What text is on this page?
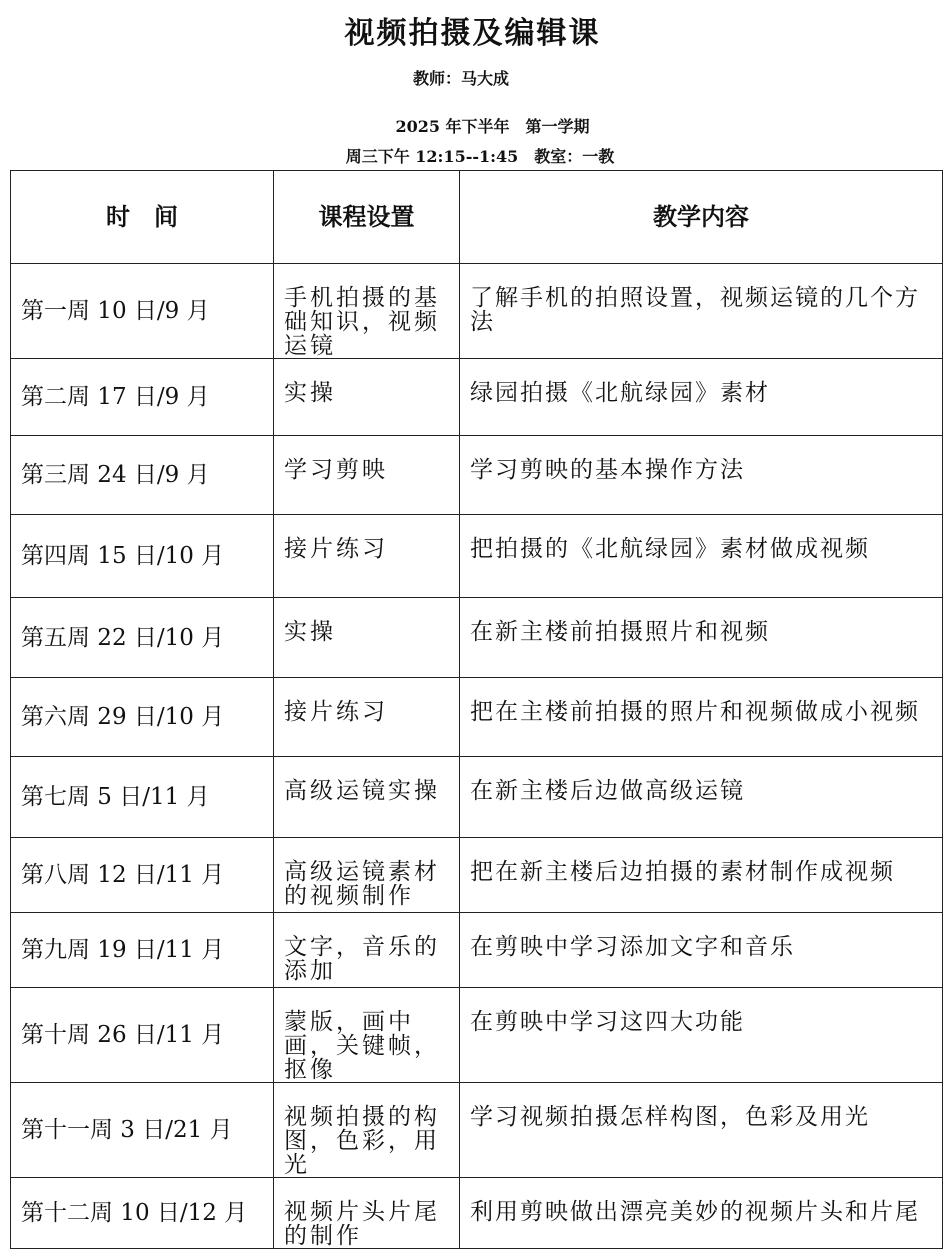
视频拍摄及编辑课
教师：马大成
2025 年下半年　第一学期
周三下午 12:15--1:45　教室：一教
时　间	课程设置	教学内容
第一周 10 日/9 月	手机拍摄的基础知识，视频运镜	了解手机的拍照设置，视频运镜的几个方法
第二周 17 日/9 月	实操	绿园拍摄《北航绿园》素材
第三周 24 日/9 月	学习剪映	学习剪映的基本操作方法
第四周 15 日/10 月	接片练习	把拍摄的《北航绿园》素材做成视频
第五周 22 日/10 月	实操	在新主楼前拍摄照片和视频
第六周 29 日/10 月	接片练习	把在主楼前拍摄的照片和视频做成小视频
第七周 5 日/11 月	高级运镜实操	在新主楼后边做高级运镜
第八周 12 日/11 月	高级运镜素材的视频制作	把在新主楼后边拍摄的素材制作成视频
第九周 19 日/11 月	文字，音乐的添加	在剪映中学习添加文字和音乐
第十周 26 日/11 月	蒙版，画中画，关键帧，抠像	在剪映中学习这四大功能
第十一周 3 日/21 月	视频拍摄的构图，色彩，用光	学习视频拍摄怎样构图，色彩及用光
第十二周 10 日/12 月	视频片头片尾的制作	利用剪映做出漂亮美妙的视频片头和片尾
